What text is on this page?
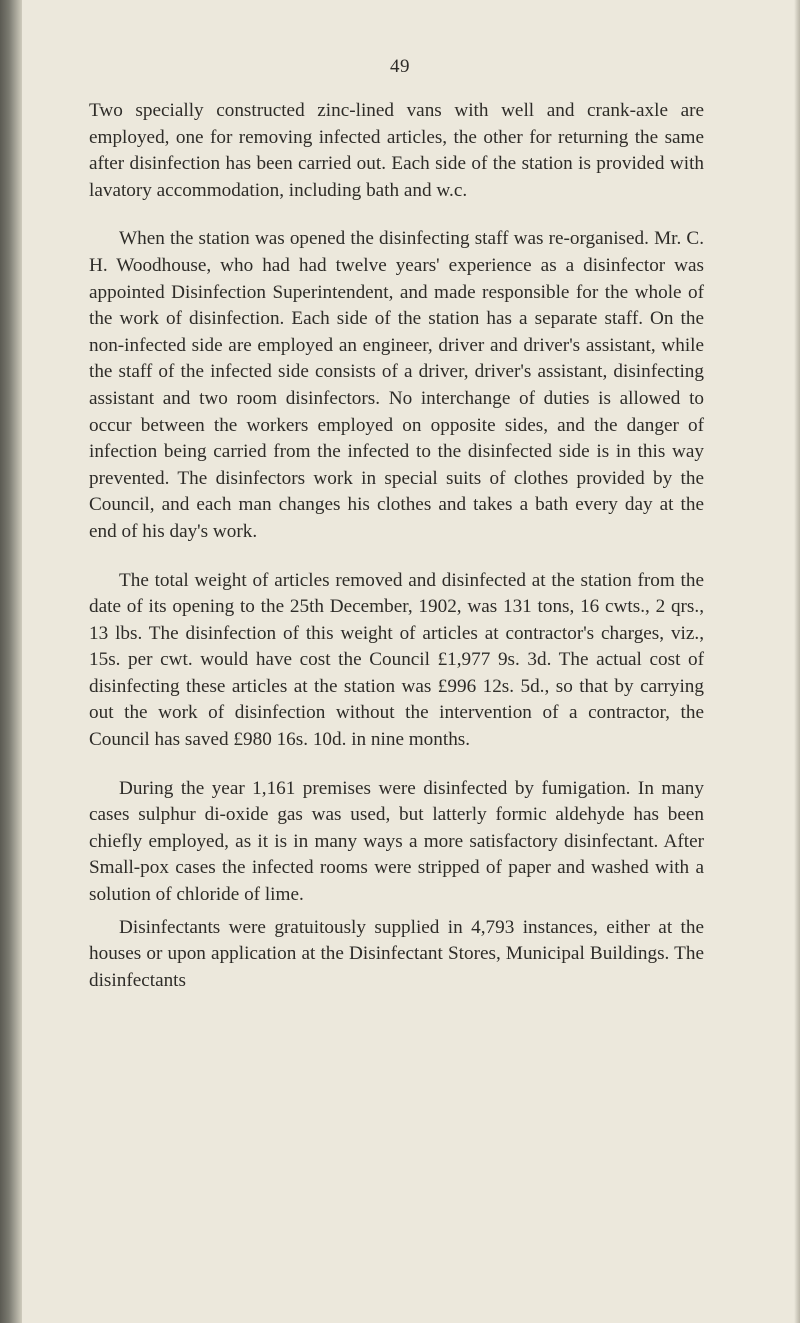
49

Two specially constructed zinc-lined vans with well and crank-axle are employed, one for removing infected articles, the other for returning the same after disinfection has been carried out. Each side of the station is provided with lavatory accommodation, including bath and w.c.

When the station was opened the disinfecting staff was re-organised. Mr. C. H. Woodhouse, who had had twelve years' experience as a disinfector was appointed Disinfection Superintendent, and made responsible for the whole of the work of disinfection. Each side of the station has a separate staff. On the non-infected side are employed an engineer, driver and driver's assistant, while the staff of the infected side consists of a driver, driver's assistant, disinfecting assistant and two room disinfectors. No interchange of duties is allowed to occur between the workers employed on opposite sides, and the danger of infection being carried from the infected to the disinfected side is in this way prevented. The disinfectors work in special suits of clothes provided by the Council, and each man changes his clothes and takes a bath every day at the end of his day's work.

The total weight of articles removed and disinfected at the station from the date of its opening to the 25th December, 1902, was 131 tons, 16 cwts., 2 qrs., 13 lbs. The disinfection of this weight of articles at contractor's charges, viz., 15s. per cwt. would have cost the Council £1,977 9s. 3d. The actual cost of disinfecting these articles at the station was £996 12s. 5d., so that by carrying out the work of disinfection without the intervention of a contractor, the Council has saved £980 16s. 10d. in nine months.

During the year 1,161 premises were disinfected by fumigation. In many cases sulphur di-oxide gas was used, but latterly formic aldehyde has been chiefly employed, as it is in many ways a more satisfactory disinfectant. After Small-pox cases the infected rooms were stripped of paper and washed with a solution of chloride of lime.

Disinfectants were gratuitously supplied in 4,793 instances, either at the houses or upon application at the Disinfectant Stores, Municipal Buildings. The disinfectants
